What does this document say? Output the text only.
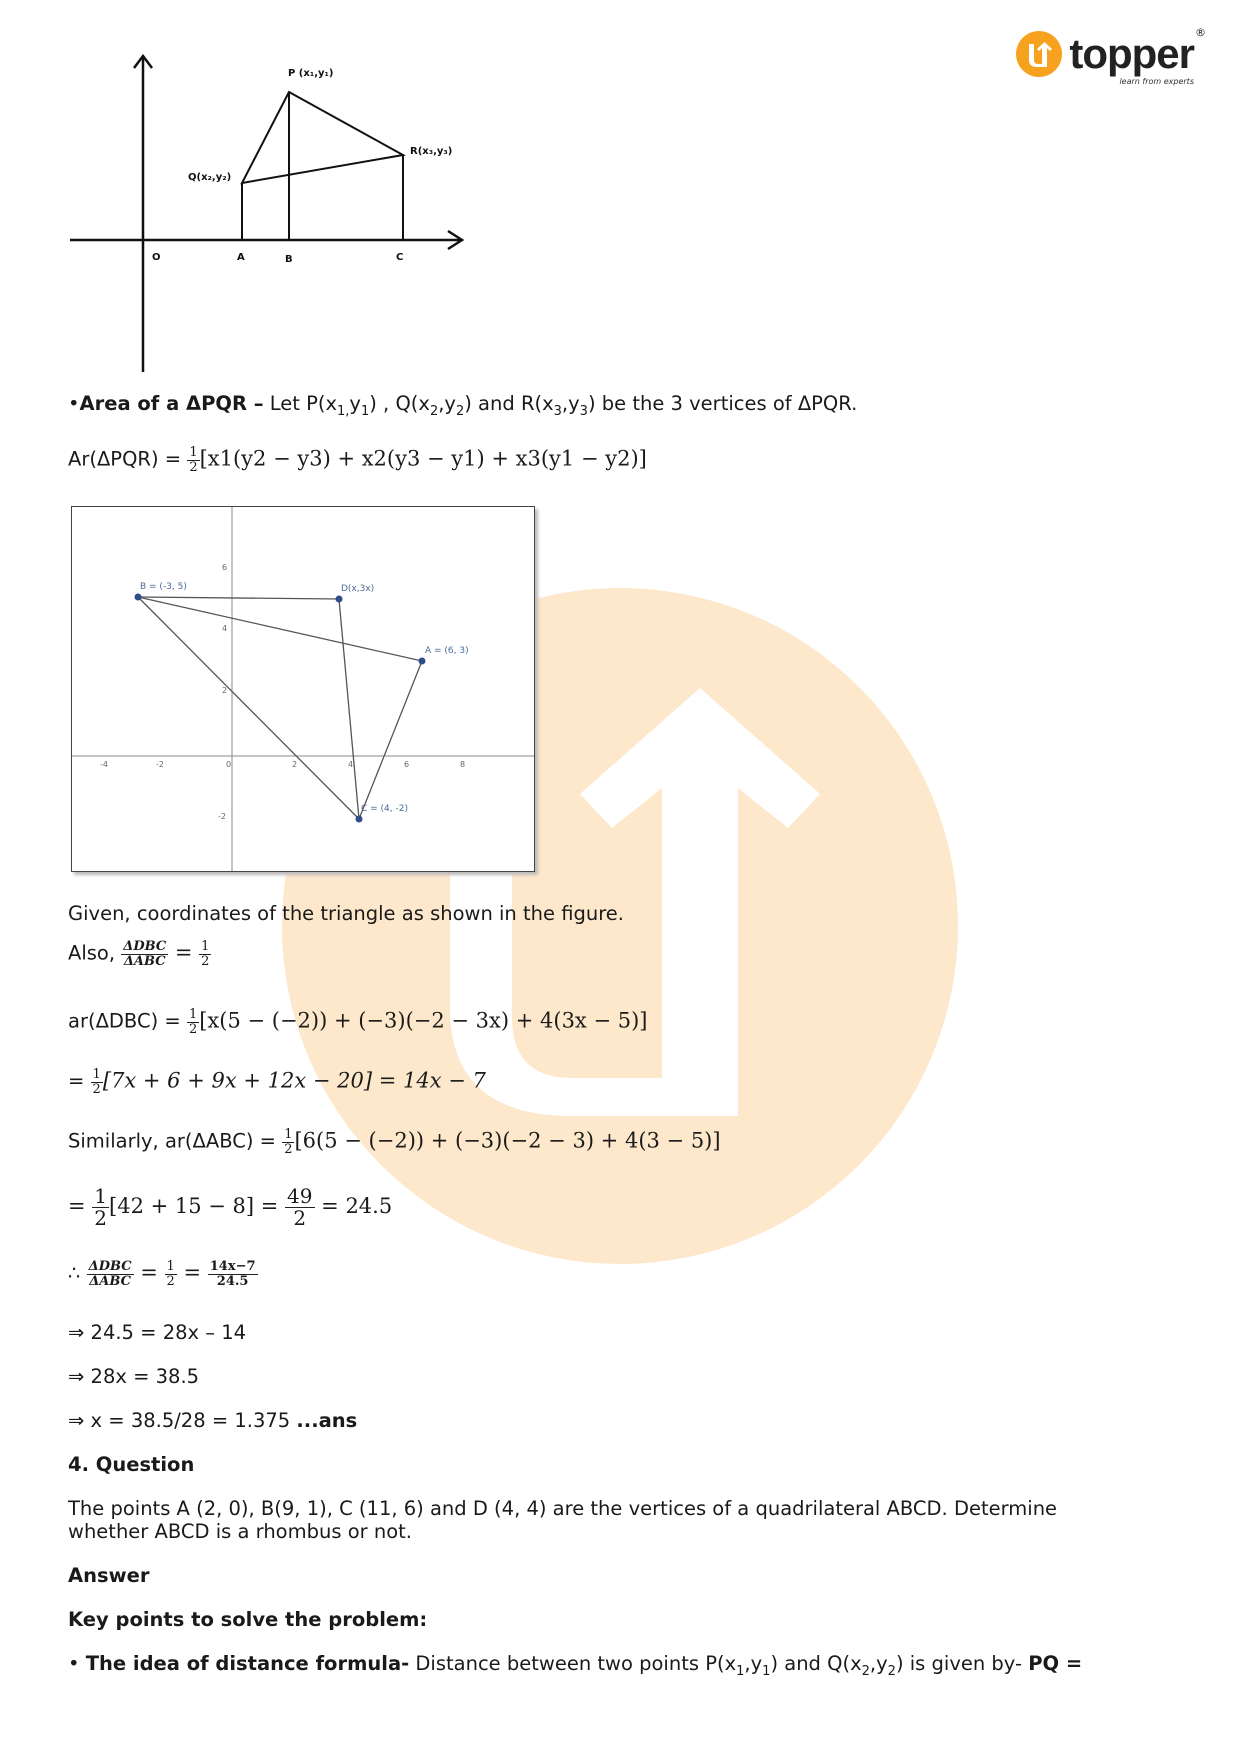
topper ®
learn from experts
P (x₁,y₁)
Q(x₂,y₂)
R(x₃,y₃)
O	A	B	C
•Area of a ΔPQR – Let $P(x_{1,}y_1)$ , $Q(x_2,y_2)$ and $R(x_3,y_3)$ be the 3 vertices of ΔPQR.
$Ar(\Delta PQR) = \frac{1}{2} [x1(y2 - y3) + x2(y3 - y1) + x3(y1 - y2)]$
B = (-3, 5)	D(x,3x)
A = (6, 3)
C = (4, -2)
-4	-2	0	2	4	6	8
6
4
2
-2
Given, coordinates of the triangle as shown in the figure.
Also, $\frac{\text{ΔDBC}}{\text{ΔABC}} = \frac{1}{2}$
$ar(\Delta DBC) = \frac{1}{2} [x(5 - (-2)) + (-3)(-2 - 3x) + 4(3x - 5)]$
= $\frac{1}{2} [7x + 6 + 9x + 12x - 20] = 14x - 7$
Similarly, $ar(\Delta ABC) = \frac{1}{2} [6(5 - (-2)) + (-3)(-2 - 3) + 4(3 - 5)]$
= $\frac{1}{2} [42 + 15 - 8] = \frac{49}{2} = 24.5$
∴ $\frac{\text{ΔDBC}}{\text{ΔABC}} = \frac{1}{2} = \frac{14x-7}{24.5}$
⇒ 24.5 = 28x – 14
⇒ 28x = 38.5
⇒ x = 38.5/28 = 1.375 ...ans
4. Question
The points A (2, 0), B(9, 1), C (11, 6) and D (4, 4) are the vertices of a quadrilateral ABCD. Determine
whether ABCD is a rhombus or not.
Answer
Key points to solve the problem:
• The idea of distance formula- Distance between two points $P(x_1,y_1)$ and $Q(x_2,y_2)$ is given by- PQ =
